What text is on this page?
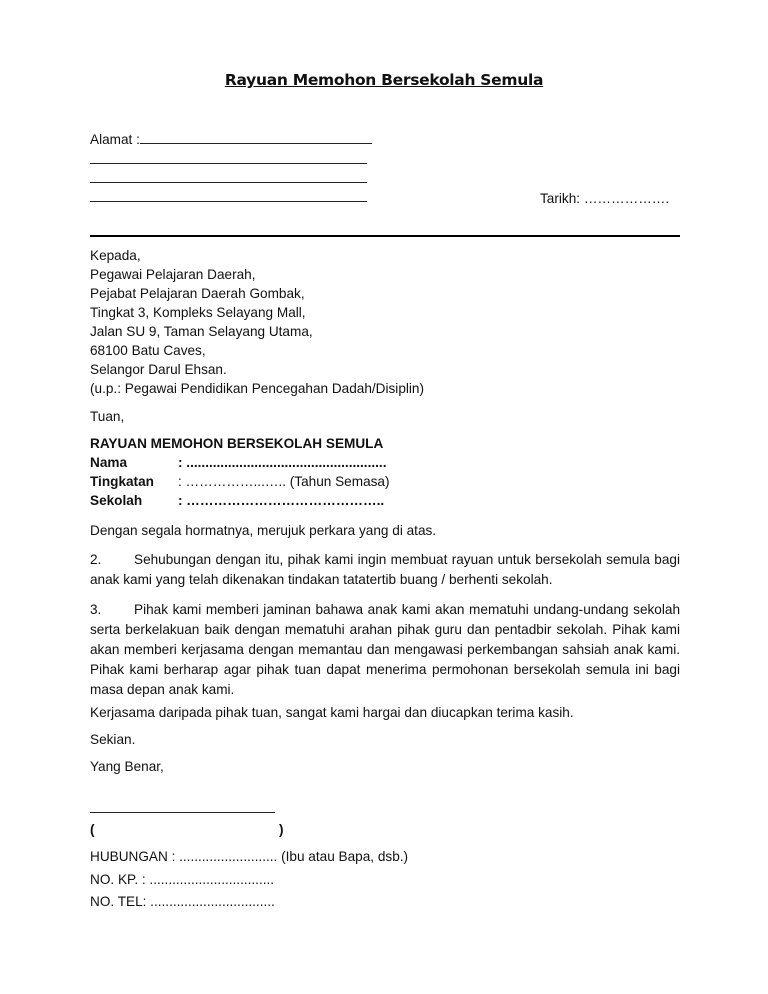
Rayuan Memohon Bersekolah Semula
Alamat :
Tarikh: ……………….
Kepada,
Pegawai Pelajaran Daerah,
Pejabat Pelajaran Daerah Gombak,
Tingkat 3, Kompleks Selayang Mall,
Jalan SU 9, Taman Selayang Utama,
68100 Batu Caves,
Selangor Darul Ehsan.
(u.p.: Pegawai Pendidikan Pencegahan Dadah/Disiplin)
Tuan,
RAYUAN MEMOHON BERSEKOLAH SEMULA
Nama	: .....................................................
Tingkatan : ……………...….. (Tahun Semasa)
Sekolah	: ……………………………………..
Dengan segala hormatnya, merujuk perkara yang di atas.
2. Sehubungan dengan itu, pihak kami ingin membuat rayuan untuk bersekolah semula bagi anak kami yang telah dikenakan tindakan tatatertib buang / berhenti sekolah.
3. Pihak kami memberi jaminan bahawa anak kami akan mematuhi undang-undang sekolah serta berkelakuan baik dengan mematuhi arahan pihak guru dan pentadbir sekolah. Pihak kami akan memberi kerjasama dengan memantau dan mengawasi perkembangan sahsiah anak kami. Pihak kami berharap agar pihak tuan dapat menerima permohonan bersekolah semula ini bagi masa depan anak kami.
Kerjasama daripada pihak tuan, sangat kami hargai dan diucapkan terima kasih.
Sekian.
Yang Benar,
(	)
HUBUNGAN : .......................... (Ibu atau Bapa, dsb.)
NO. KP. : .................................
NO. TEL: .................................
